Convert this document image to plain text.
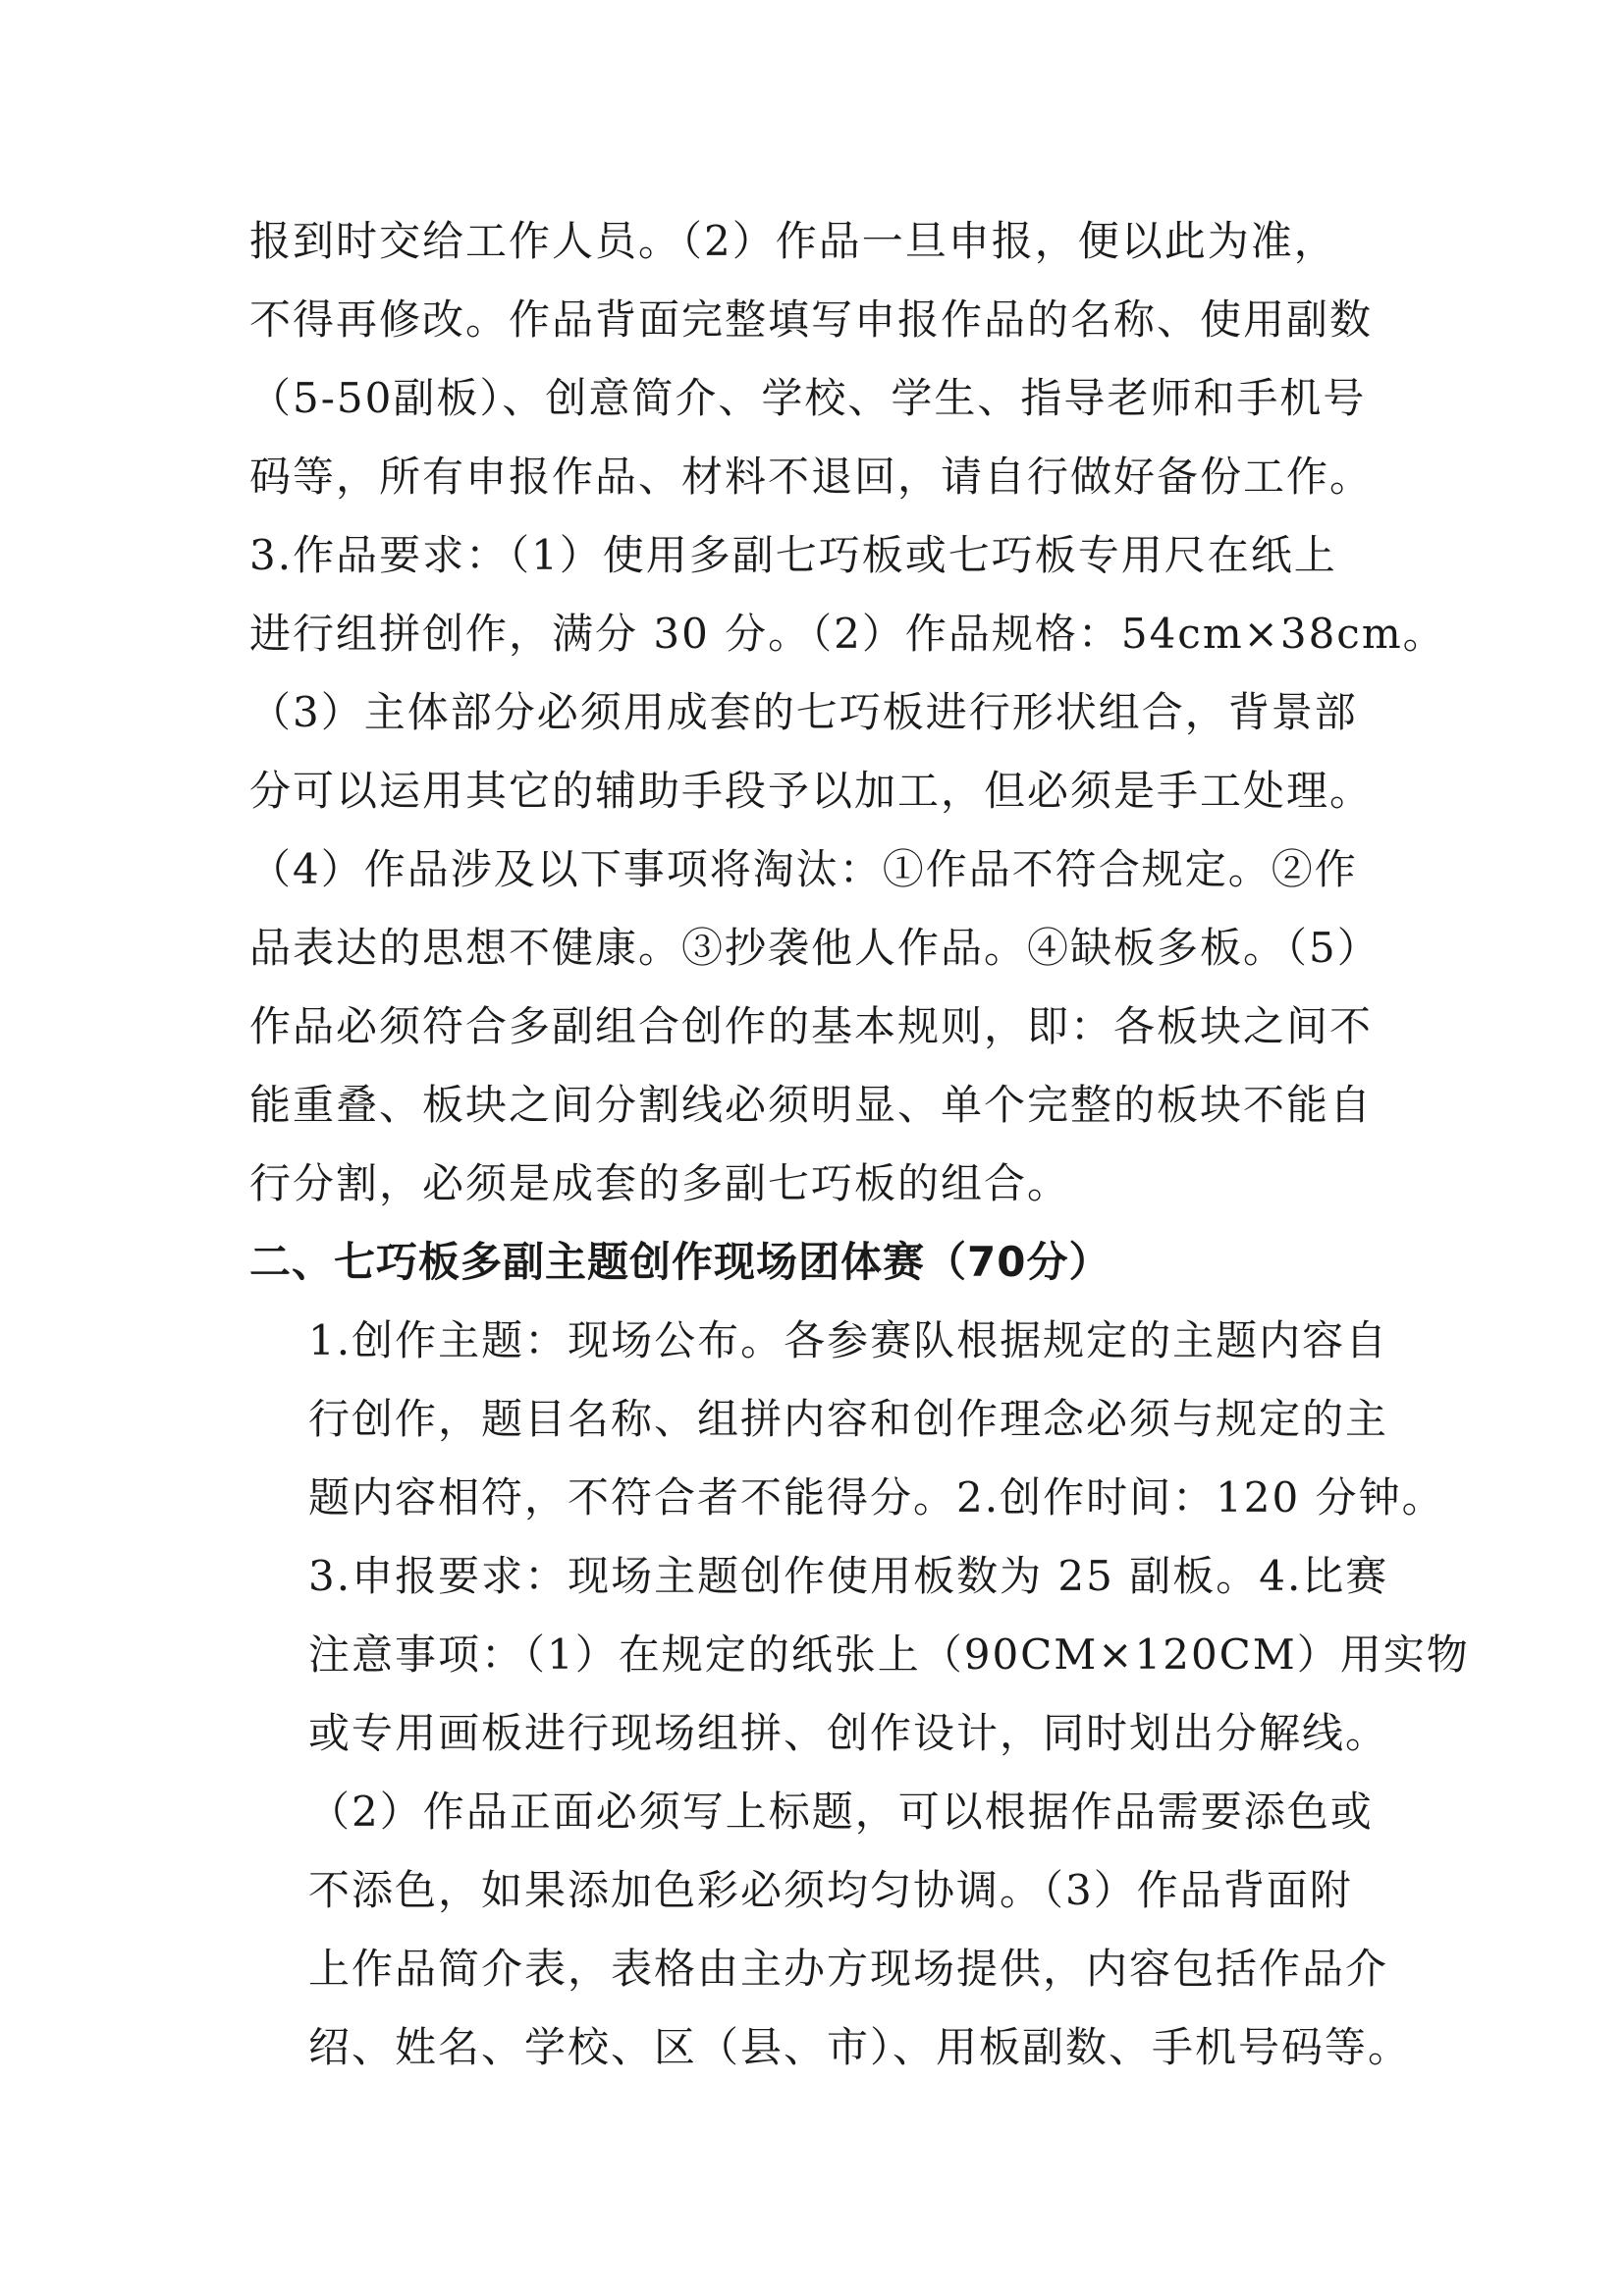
报到时交给工作人员。（2）作品一旦申报，便以此为准，
不得再修改。作品背面完整填写申报作品的名称、使用副数
（5-50副板）、创意简介、学校、学生、指导老师和手机号
码等，所有申报作品、材料不退回，请自行做好备份工作。
3.作品要求：（1）使用多副七巧板或七巧板专用尺在纸上
进行组拼创作，满分 30 分。（2）作品规格：54cm×38cm。
（3）主体部分必须用成套的七巧板进行形状组合，背景部
分可以运用其它的辅助手段予以加工，但必须是手工处理。
（4）作品涉及以下事项将淘汰：①作品不符合规定。②作
品表达的思想不健康。③抄袭他人作品。④缺板多板。（5）
作品必须符合多副组合创作的基本规则，即：各板块之间不
能重叠、板块之间分割线必须明显、单个完整的板块不能自
行分割，必须是成套的多副七巧板的组合。
二、七巧板多副主题创作现场团体赛（70分）
1.创作主题：现场公布。各参赛队根据规定的主题内容自
行创作，题目名称、组拼内容和创作理念必须与规定的主
题内容相符，不符合者不能得分。2.创作时间：120 分钟。
3.申报要求：现场主题创作使用板数为 25 副板。4.比赛
注意事项：（1）在规定的纸张上（90CM×120CM）用实物
或专用画板进行现场组拼、创作设计，同时划出分解线。
（2）作品正面必须写上标题，可以根据作品需要添色或
不添色，如果添加色彩必须均匀协调。（3）作品背面附
上作品简介表，表格由主办方现场提供，内容包括作品介
绍、姓名、学校、区（县、市）、用板副数、手机号码等。
